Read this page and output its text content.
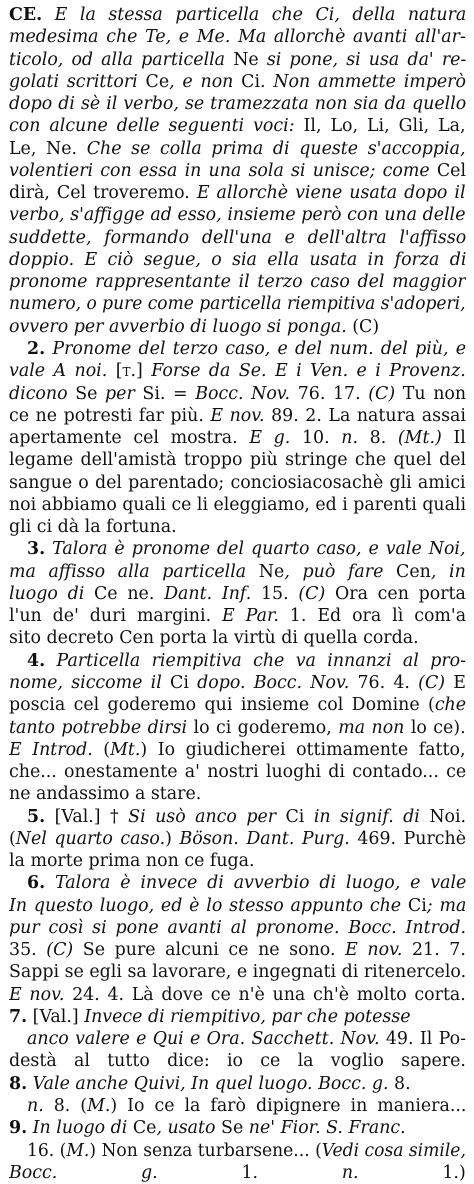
CE. E la stessa particella che Ci, della natura
medesima che Te, e Me. Ma allorchè avanti all'ar-
ticolo, od alla particella Ne si pone, si usa da' re-
golati scrittori Ce, e non Ci. Non ammette imperò
dopo di sè il verbo, se tramezzata non sia da quello
con alcune delle seguenti voci: Il, Lo, Li, Gli, La,
Le, Ne. Che se colla prima di queste s'accoppia,
volentieri con essa in una sola si unisce; come Cel
dirà, Cel troveremo. E allorchè viene usata dopo il
verbo, s'affigge ad esso, insieme però con una delle
suddette, formando dell'una e dell'altra l'affisso
doppio. E ciò segue, o sia ella usata in forza di
pronome rappresentante il terzo caso del maggior
numero, o pure come particella riempitiva s'adoperi,
ovvero per avverbio di luogo si ponga. (C)
2. Pronome del terzo caso, e del num. del più, e
vale A noi. [t.] Forse da Se. E i Ven. e i Provenz.
dicono Se per Si. = Bocc. Nov. 76. 17. (C) Tu non
ce ne potresti far più. E nov. 89. 2. La natura assai
apertamente cel mostra. E g. 10. n. 8. (Mt.) Il
legame dell'amistà troppo più stringe che quel del
sangue o del parentado; conciosiacosachè gli amici
noi abbiamo quali ce li eleggiamo, ed i parenti quali
gli ci dà la fortuna.
3. Talora è pronome del quarto caso, e vale Noi,
ma affisso alla particella Ne, può fare Cen, in
luogo di Ce ne. Dant. Inf. 15. (C) Ora cen porta
l'un de' duri margini. E Par. 1. Ed ora lì com'a
sito decreto Cen porta la virtù di quella corda.
4. Particella riempitiva che va innanzi al pro-
nome, siccome il Ci dopo. Bocc. Nov. 76. 4. (C) E
poscia cel goderemo qui insieme col Domine (che
tanto potrebbe dirsi lo ci goderemo, ma non lo ce).
E Introd. (Mt.) Io giudicherei ottimamente fatto,
che... onestamente a' nostri luoghi di contado... ce
ne andassimo a stare.
5. [Val.] † Si usò anco per Ci in signif. di Noi.
(Nel quarto caso.) Böson. Dant. Purg. 469. Purchè
la morte prima non ce fuga.
6. Talora è invece di avverbio di luogo, e vale
In questo luogo, ed è lo stesso appunto che Ci; ma
pur così si pone avanti al pronome. Bocc. Introd.
35. (C) Se pure alcuni ce ne sono. E nov. 21. 7.
Sappi se egli sa lavorare, e ingegnati di ritenercelo.
E nov. 24. 4. Là dove ce n'è una ch'è molto corta.
7. [Val.] Invece di riempitivo, par che potesse
anco valere e Qui e Ora. Sacchett. Nov. 49. Il Po-
destà al tutto dice: io ce la voglio sapere.
8. Vale anche Quivi, In quel luogo. Bocc. g. 8.
n. 8. (M.) Io ce la farò dipignere in maniera...
9. In luogo di Ce, usato Se ne' Fior. S. Franc.
16. (M.) Non senza turbarsene... (Vedi cosa simile,
Bocc. g. 1. n. 1.)
